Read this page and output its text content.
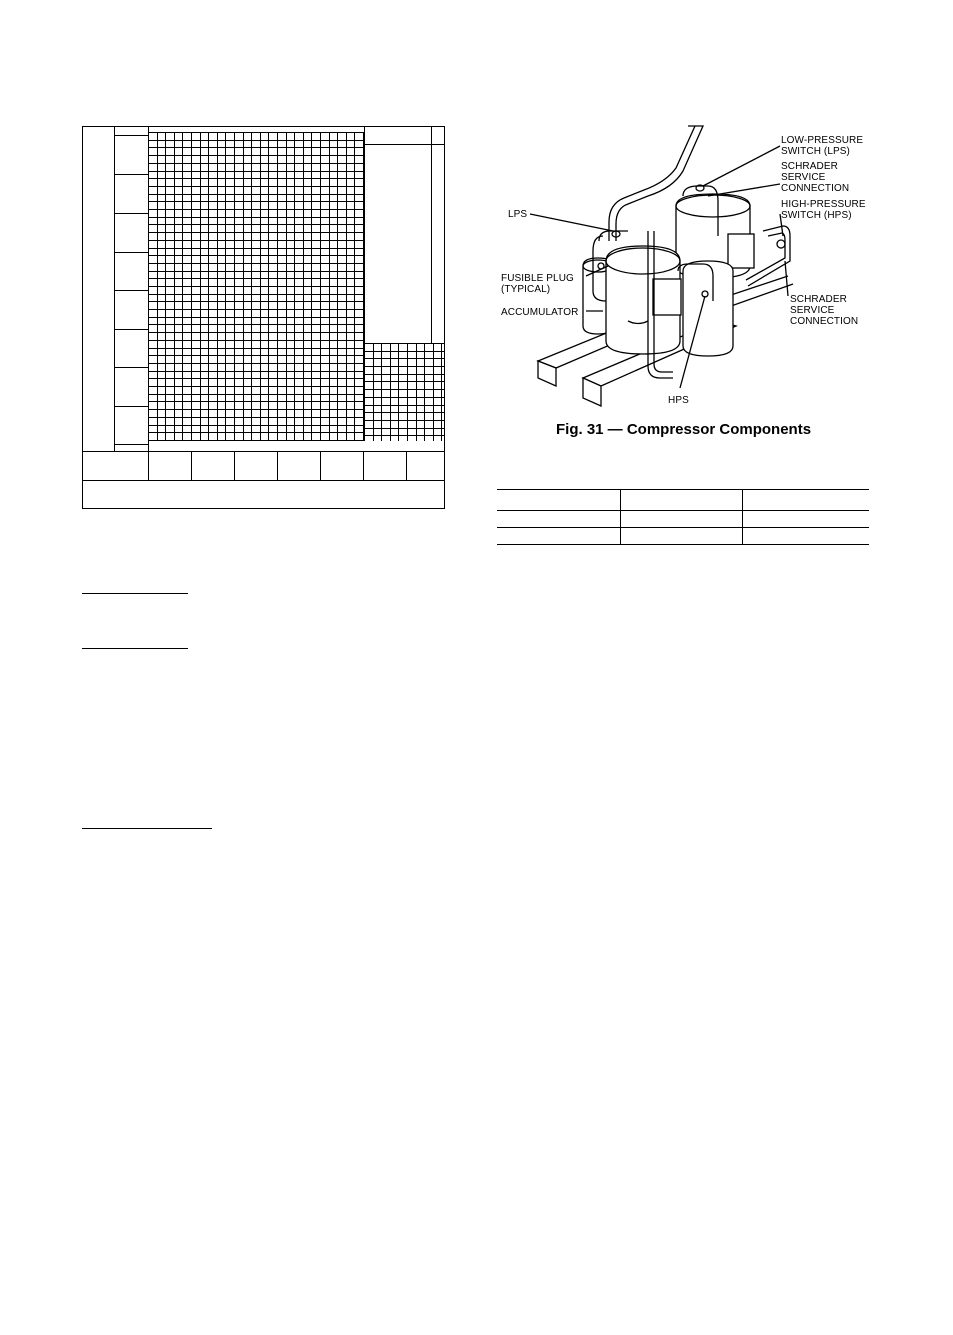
LOW-PRESSURE
SWITCH (LPS)
SCHRADER
SERVICE
CONNECTION
HIGH-PRESSURE
SWITCH (HPS)
LPS
FUSIBLE PLUG
(TYPICAL)
ACCUMULATOR
SCHRADER
SERVICE
CONNECTION
HPS
Fig. 31 — Compressor Components
